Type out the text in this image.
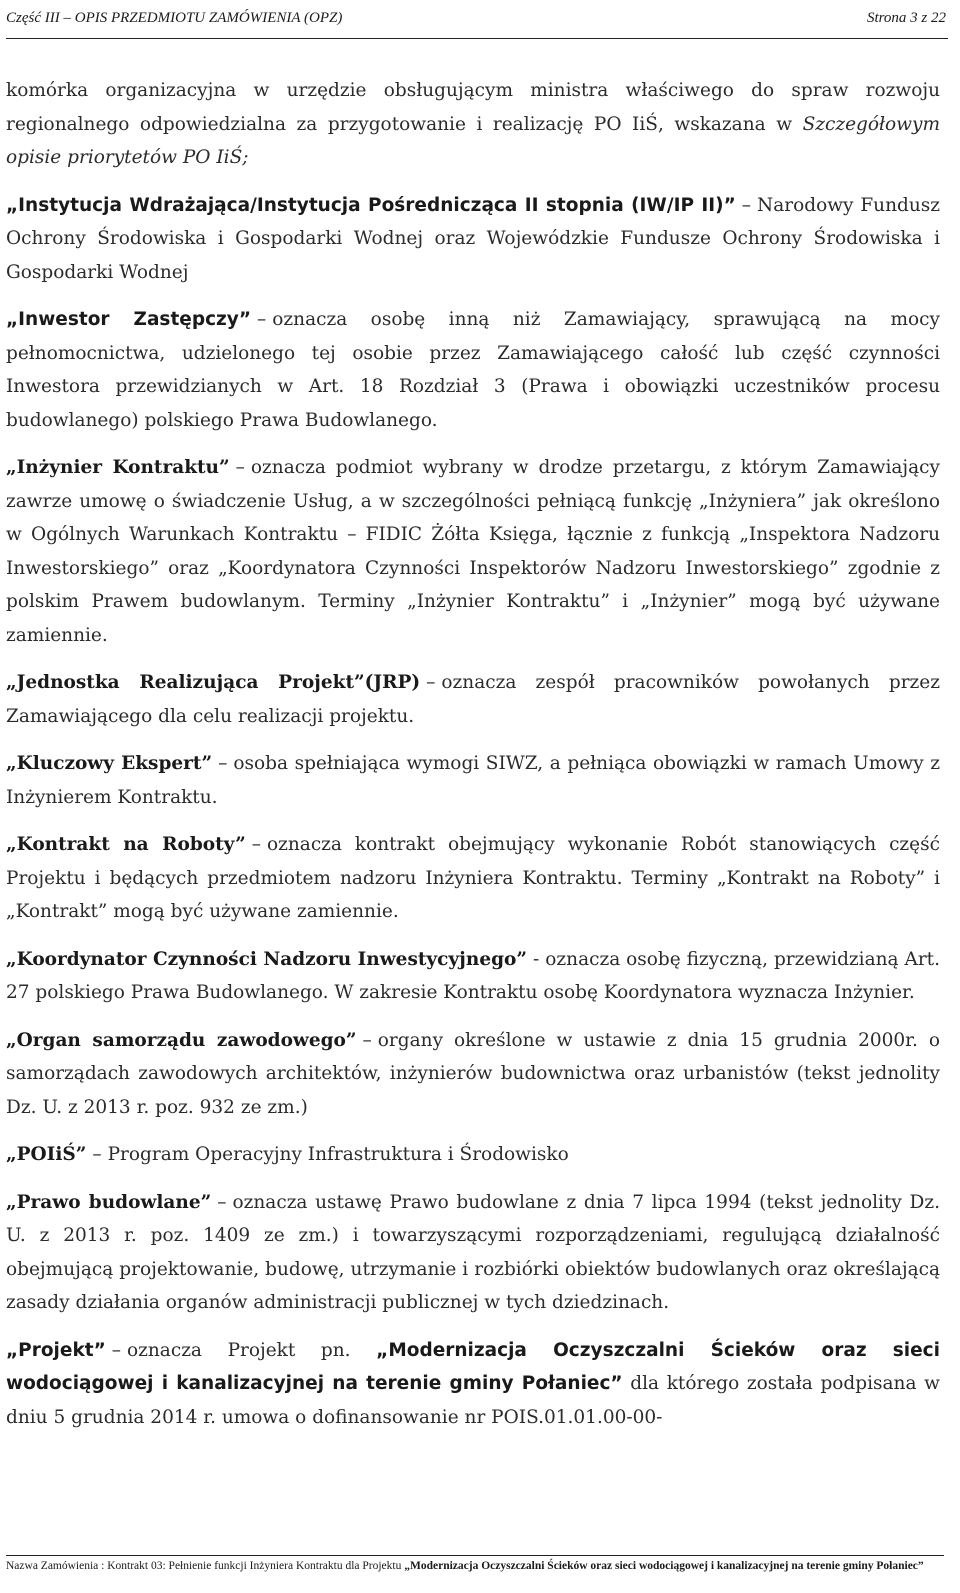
Część III – OPIS PRZEDMIOTU ZAMÓWIENIA (OPZ)	Strona 3 z 22

komórka organizacyjna w urzędzie obsługującym ministra właściwego do spraw rozwoju regionalnego odpowiedzialna za przygotowanie i realizację PO IiŚ, wskazana w Szczegółowym opisie priorytetów PO IiŚ;

„Instytucja Wdrażająca/Instytucja Pośrednicząca II stopnia (IW/IP II)” – Narodowy Fundusz Ochrony Środowiska i Gospodarki Wodnej oraz Wojewódzkie Fundusze Ochrony Środowiska i Gospodarki Wodnej

„Inwestor Zastępczy” – oznacza osobę inną niż Zamawiający, sprawującą na mocy pełnomocnictwa, udzielonego tej osobie przez Zamawiającego całość lub część czynności Inwestora przewidzianych w Art. 18 Rozdział 3 (Prawa i obowiązki uczestników procesu budowlanego) polskiego Prawa Budowlanego.

„Inżynier Kontraktu” – oznacza podmiot wybrany w drodze przetargu, z którym Zamawiający zawrze umowę o świadczenie Usług, a w szczególności pełniącą funkcję „Inżyniera” jak określono w Ogólnych Warunkach Kontraktu – FIDIC Żółta Księga, łącznie z funkcją „Inspektora Nadzoru Inwestorskiego” oraz „Koordynatora Czynności Inspektorów Nadzoru Inwestorskiego” zgodnie z polskim Prawem budowlanym. Terminy „Inżynier Kontraktu” i „Inżynier” mogą być używane zamiennie.

„Jednostka Realizująca Projekt”(JRP) – oznacza zespół pracowników powołanych przez Zamawiającego dla celu realizacji projektu.

„Kluczowy Ekspert” – osoba spełniająca wymogi SIWZ, a pełniąca obowiązki w ramach Umowy z Inżynierem Kontraktu.

„Kontrakt na Roboty” – oznacza kontrakt obejmujący wykonanie Robót stanowiących część Projektu i będących przedmiotem nadzoru Inżyniera Kontraktu. Terminy „Kontrakt na Roboty” i „Kontrakt” mogą być używane zamiennie.

„Koordynator Czynności Nadzoru Inwestycyjnego” - oznacza osobę fizyczną, przewidzianą Art. 27 polskiego Prawa Budowlanego. W zakresie Kontraktu osobę Koordynatora wyznacza Inżynier.

„Organ samorządu zawodowego” – organy określone w ustawie z dnia 15 grudnia 2000r. o samorządach zawodowych architektów, inżynierów budownictwa oraz urbanistów (tekst jednolity Dz. U. z 2013 r. poz. 932 ze zm.)

„POIiŚ” – Program Operacyjny Infrastruktura i Środowisko

„Prawo budowlane” – oznacza ustawę Prawo budowlane z dnia 7 lipca 1994 (tekst jednolity Dz. U. z 2013 r. poz. 1409 ze zm.) i towarzyszącymi rozporządzeniami, regulującą działalność obejmującą projektowanie, budowę, utrzymanie i rozbiórki obiektów budowlanych oraz określającą zasady działania organów administracji publicznej w tych dziedzinach.

„Projekt” – oznacza Projekt pn. „Modernizacja Oczyszczalni Ścieków oraz sieci wodociągowej i kanalizacyjnej na terenie gminy Połaniec” dla którego została podpisana w dniu 5 grudnia 2014 r. umowa o dofinansowanie nr POIS.01.01.00-00-

Nazwa Zamówienia : Kontrakt 03: Pełnienie funkcji Inżyniera Kontraktu dla Projektu „Modernizacja Oczyszczalni Ścieków oraz sieci wodociągowej i kanalizacyjnej na terenie gminy Połaniec”
